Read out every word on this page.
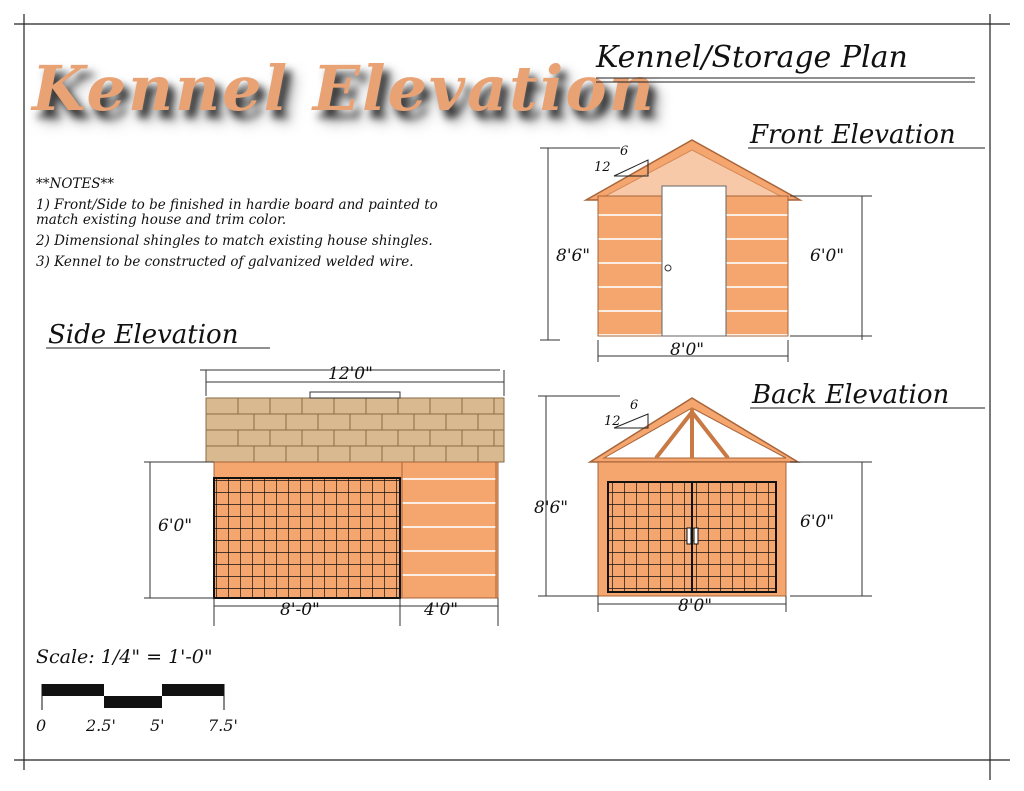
Kennel Elevation
Kennel/Storage Plan
Front Elevation
Side Elevation
Back Elevation
**NOTES**
1) Front/Side to be finished in hardie board and painted to
match existing house and trim color.
2) Dimensional shingles to match existing house shingles.
3) Kennel to be constructed of galvanized welded wire.	8'6"	6'0"
8'0"
12
6
12'0"
6'0"
8'-0"	4'0"
8'6"
6'0"
8'0"
12
6
Scale: 1/4" = 1'-0"
0 2.5' 5'	7.5'
